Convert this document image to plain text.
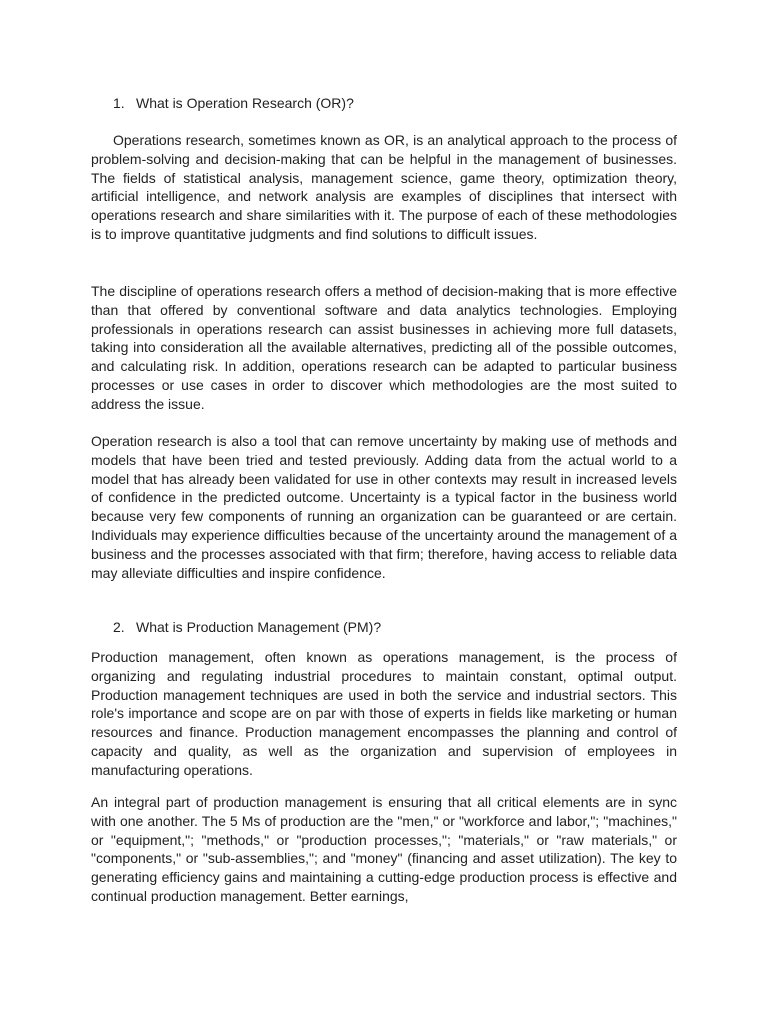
1. What is Operation Research (OR)?

Operations research, sometimes known as OR, is an analytical approach to the process of problem-solving and decision-making that can be helpful in the management of businesses. The fields of statistical analysis, management science, game theory, optimization theory, artificial intelligence, and network analysis are examples of disciplines that intersect with operations research and share similarities with it. The purpose of each of these methodologies is to improve quantitative judgments and find solutions to difficult issues.

The discipline of operations research offers a method of decision-making that is more effective than that offered by conventional software and data analytics technologies. Employing professionals in operations research can assist businesses in achieving more full datasets, taking into consideration all the available alternatives, predicting all of the possible outcomes, and calculating risk. In addition, operations research can be adapted to particular business processes or use cases in order to discover which methodologies are the most suited to address the issue.

Operation research is also a tool that can remove uncertainty by making use of methods and models that have been tried and tested previously. Adding data from the actual world to a model that has already been validated for use in other contexts may result in increased levels of confidence in the predicted outcome. Uncertainty is a typical factor in the business world because very few components of running an organization can be guaranteed or are certain. Individuals may experience difficulties because of the uncertainty around the management of a business and the processes associated with that firm; therefore, having access to reliable data may alleviate difficulties and inspire confidence.

2. What is Production Management (PM)?

Production management, often known as operations management, is the process of organizing and regulating industrial procedures to maintain constant, optimal output. Production management techniques are used in both the service and industrial sectors. This role's importance and scope are on par with those of experts in fields like marketing or human resources and finance. Production management encompasses the planning and control of capacity and quality, as well as the organization and supervision of employees in manufacturing operations.

An integral part of production management is ensuring that all critical elements are in sync with one another. The 5 Ms of production are the "men," or "workforce and labor,"; "machines," or "equipment,"; "methods," or "production processes,"; "materials," or "raw materials," or "components," or "sub-assemblies,"; and "money" (financing and asset utilization). The key to generating efficiency gains and maintaining a cutting-edge production process is effective and continual production management. Better earnings,
